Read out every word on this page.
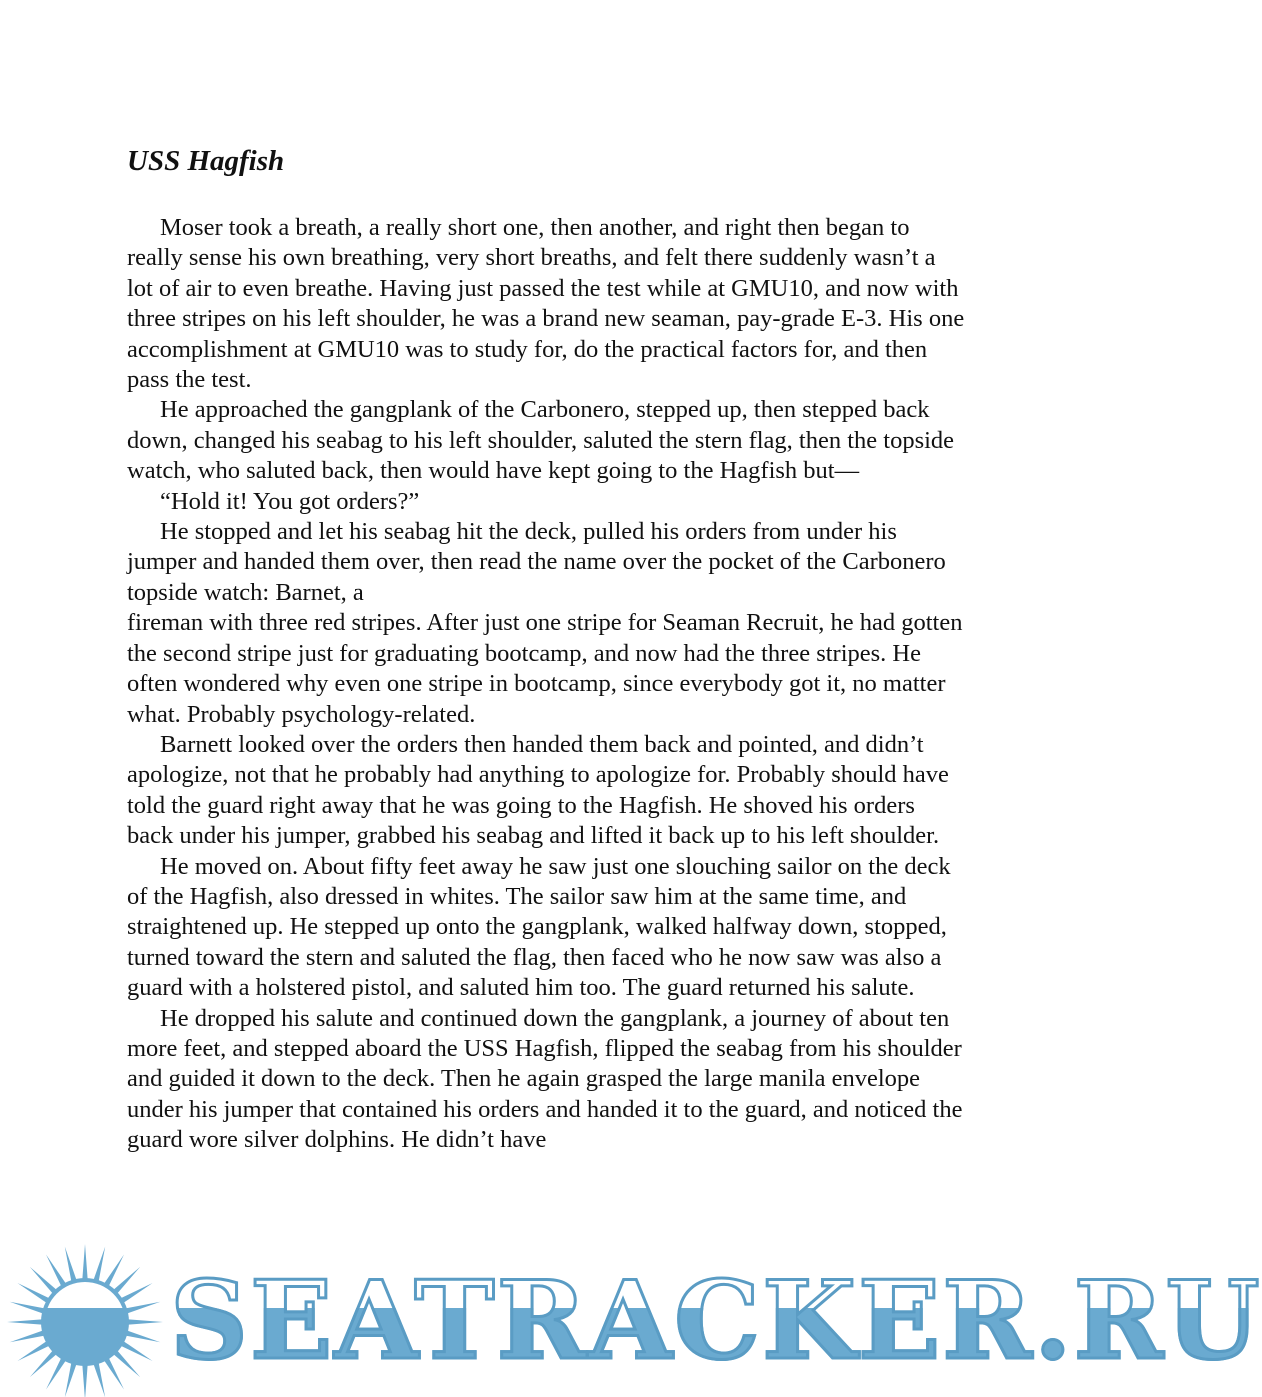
USS Hagfish

Moser took a breath, a really short one, then another, and right then began to really sense his own breathing, very short breaths, and felt there suddenly wasn’t a lot of air to even breathe. Having just passed the test while at GMU10, and now with three stripes on his left shoulder, he was a brand new seaman, pay-grade E-3. His one accomplishment at GMU10 was to study for, do the practical factors for, and then pass the test.

He approached the gangplank of the Carbonero, stepped up, then stepped back down, changed his seabag to his left shoulder, saluted the stern flag, then the topside watch, who saluted back, then would have kept going to the Hagfish but—

“Hold it! You got orders?”

He stopped and let his seabag hit the deck, pulled his orders from under his jumper and handed them over, then read the name over the pocket of the Carbonero topside watch: Barnet, a

fireman with three red stripes. After just one stripe for Seaman Recruit, he had gotten the second stripe just for graduating bootcamp, and now had the three stripes. He often wondered why even one stripe in bootcamp, since everybody got it, no matter what. Probably psychology-related.

Barnett looked over the orders then handed them back and pointed, and didn’t apologize, not that he probably had anything to apologize for. Probably should have told the guard right away that he was going to the Hagfish. He shoved his orders back under his jumper, grabbed his seabag and lifted it back up to his left shoulder.

He moved on. About fifty feet away he saw just one slouching sailor on the deck of the Hagfish, also dressed in whites. The sailor saw him at the same time, and straightened up. He stepped up onto the gangplank, walked halfway down, stopped, turned toward the stern and saluted the flag, then faced who he now saw was also a guard with a holstered pistol, and saluted him too. The guard returned his salute.

He dropped his salute and continued down the gangplank, a journey of about ten more feet, and stepped aboard the USS Hagfish, flipped the seabag from his shoulder and guided it down to the deck. Then he again grasped the large manila envelope under his jumper that contained his orders and handed it to the guard, and noticed the guard wore silver dolphins. He didn’t have

SEATRACKER.RU
